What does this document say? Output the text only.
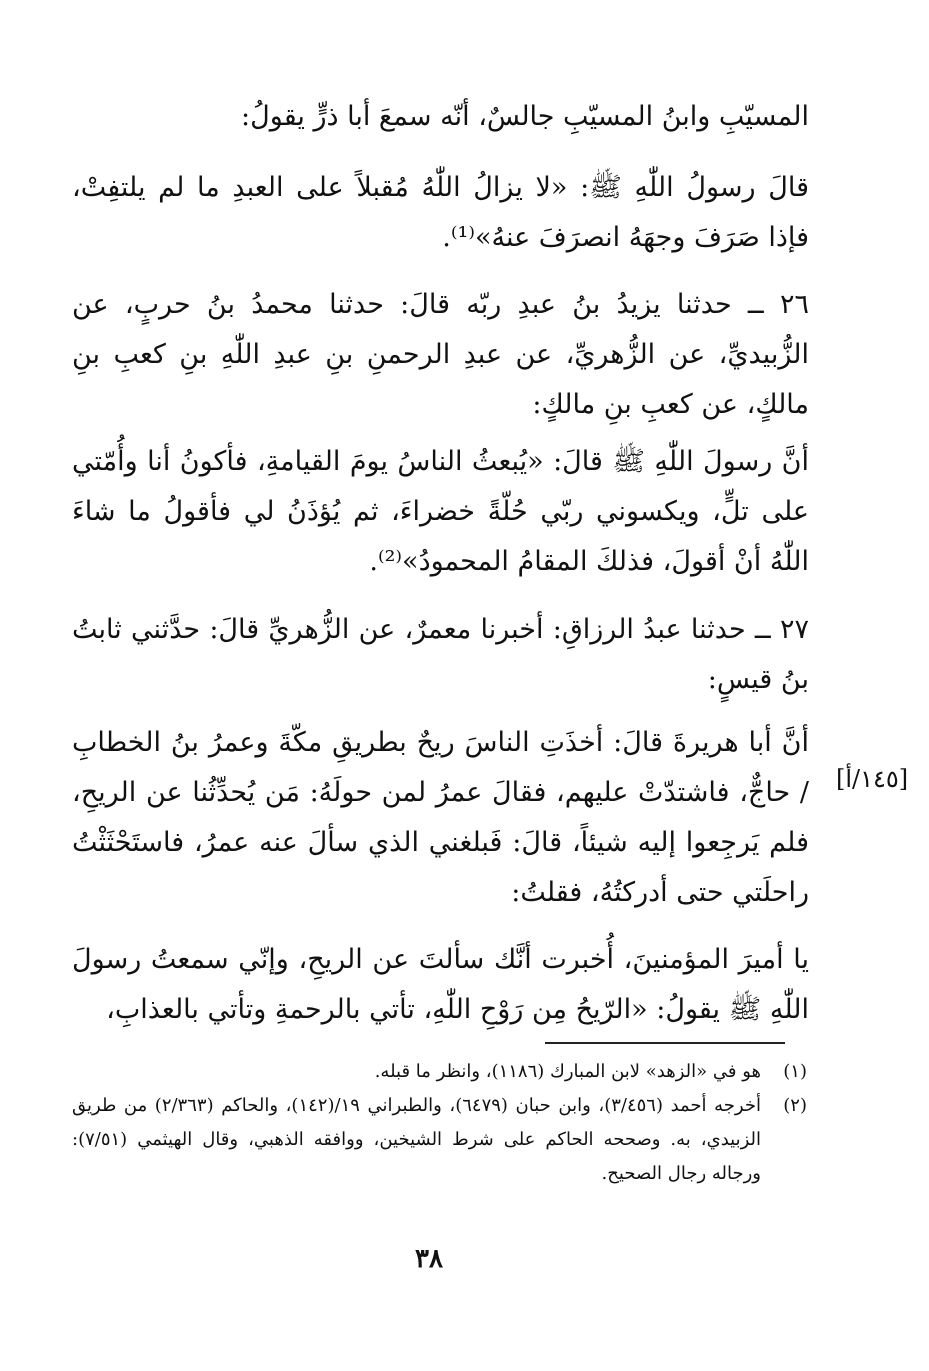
المسيّبِ وابنُ المسيّبِ جالسٌ، أنّه سمعَ أبا ذرٍّ يقولُ:

قالَ رسولُ اللّٰهِ ﷺ: «لا يزالُ اللّٰهُ مُقبلاً على العبدِ ما لم يلتفِتْ، فإذا صَرَفَ وجهَهُ انصرَفَ عنهُ»⁽¹⁾.

٢٦ ــ حدثنا يزيدُ بنُ عبدِ ربّه قالَ: حدثنا محمدُ بنُ حربٍ، عن الزُّبيديِّ، عن الزُّهريِّ، عن عبدِ الرحمنِ بنِ عبدِ اللّٰهِ بنِ كعبِ بنِ مالكٍ، عن كعبِ بنِ مالكٍ:

أنَّ رسولَ اللّٰهِ ﷺ قالَ: «يُبعثُ الناسُ يومَ القيامةِ، فأكونُ أنا وأُمّتي على تلٍّ، ويكسوني ربّي حُلّةً خضراءَ، ثم يُؤذَنُ لي فأقولُ ما شاءَ اللّٰهُ أنْ أقولَ، فذلكَ المقامُ المحمودُ»⁽²⁾.

٢٧ ــ حدثنا عبدُ الرزاقِ: أخبرنا معمرٌ، عن الزُّهريِّ قالَ: حدَّثني ثابتُ بنُ قيسٍ:

أنَّ أبا هريرةَ قالَ: أخذَتِ الناسَ ريحٌ بطريقِ مكّةَ وعمرُ بنُ الخطابِ / حاجٌّ، فاشتدّتْ عليهم، فقالَ عمرُ لمن حولَهُ: مَن يُحدِّثُنا عن الريحِ، فلم يَرجِعوا إليه شيئاً، قالَ: فَبلغني الذي سألَ عنه عمرُ، فاستَحْثَثْتُ راحلَتي حتى أدركتُهُ، فقلتُ:

يا أميرَ المؤمنينَ، أُخبرت أنَّك سألتَ عن الريحِ، وإنّي سمعتُ رسولَ اللّٰهِ ﷺ يقولُ: «الرّيحُ مِن رَوْحِ اللّٰهِ، تأتي بالرحمةِ وتأتي بالعذابِ،

[١٤٥/أ]
(١)
هو في «الزهد» لابن المبارك (١١٨٦)، وانظر ما قبله.
(٢)
أخرجه أحمد (٣/٤٥٦)، وابن حبان (٦٤٧٩)، والطبراني ١٩/(١٤٢)، والحاكم (٢/٣٦٣) من طريق الزبيدي، به. وصححه الحاكم على شرط الشيخين، ووافقه الذهبي، وقال الهيثمي (٧/٥١): ورجاله رجال الصحيح.
٣٨
